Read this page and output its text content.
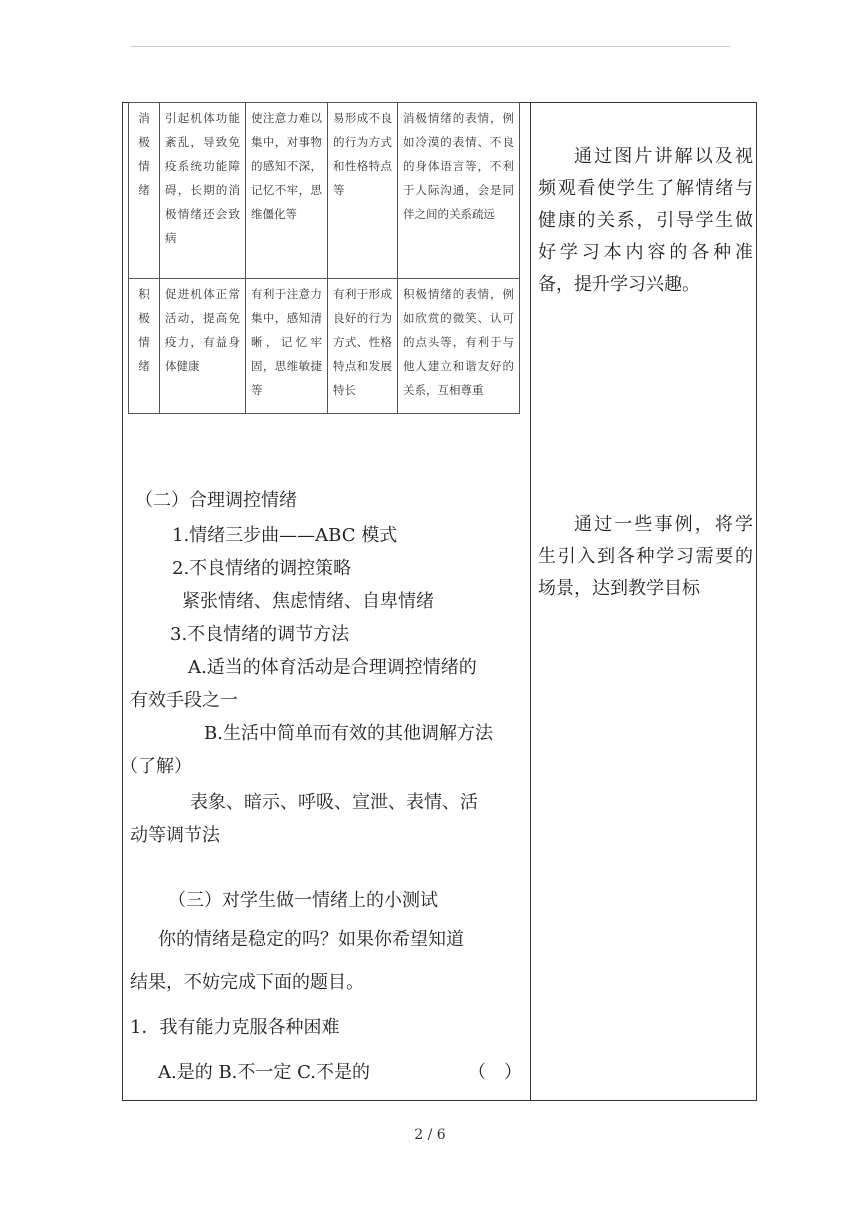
消极情绪	引起机体功能紊乱，导致免疫系统功能障碍，长期的消极情绪还会致病	使注意力难以集中，对事物的感知不深，记忆不牢，思维僵化等	易形成不良的行为方式和性格特点等	消极情绪的表情，例如冷漠的表情、不良的身体语言等，不利于人际沟通，会是同伴之间的关系疏远

积极情绪	促进机体正常活动，提高免疫力，有益身体健康	有利于注意力集中，感知清晰，记忆牢固，思维敏捷等	有利于形成良好的行为方式、性格特点和发展特长	积极情绪的表情，例如欣赏的微笑、认可的点头等，有利于与他人建立和谐友好的关系，互相尊重
通过图片讲解以及视频观看使学生了解情绪与健康的关系，引导学生做好学习本内容的各种准备，提升学习兴趣。
通过一些事例，将学生引入到各种学习需要的场景，达到教学目标
（二）合理调控情绪
1.情绪三步曲——ABC 模式
2.不良情绪的调控策略
紧张情绪、焦虑情绪、自卑情绪
3.不良情绪的调节方法
A.适当的体育活动是合理调控情绪的
有效手段之一
B.生活中简单而有效的其他调解方法
（了解）
表象、暗示、呼吸、宣泄、表情、活
动等调节法
（三）对学生做一情绪上的小测试
你的情绪是稳定的吗？如果你希望知道
结果，不妨完成下面的题目。
1．我有能力克服各种困难
A.是的 B.不一定 C.不是的	（　）
2 / 6
